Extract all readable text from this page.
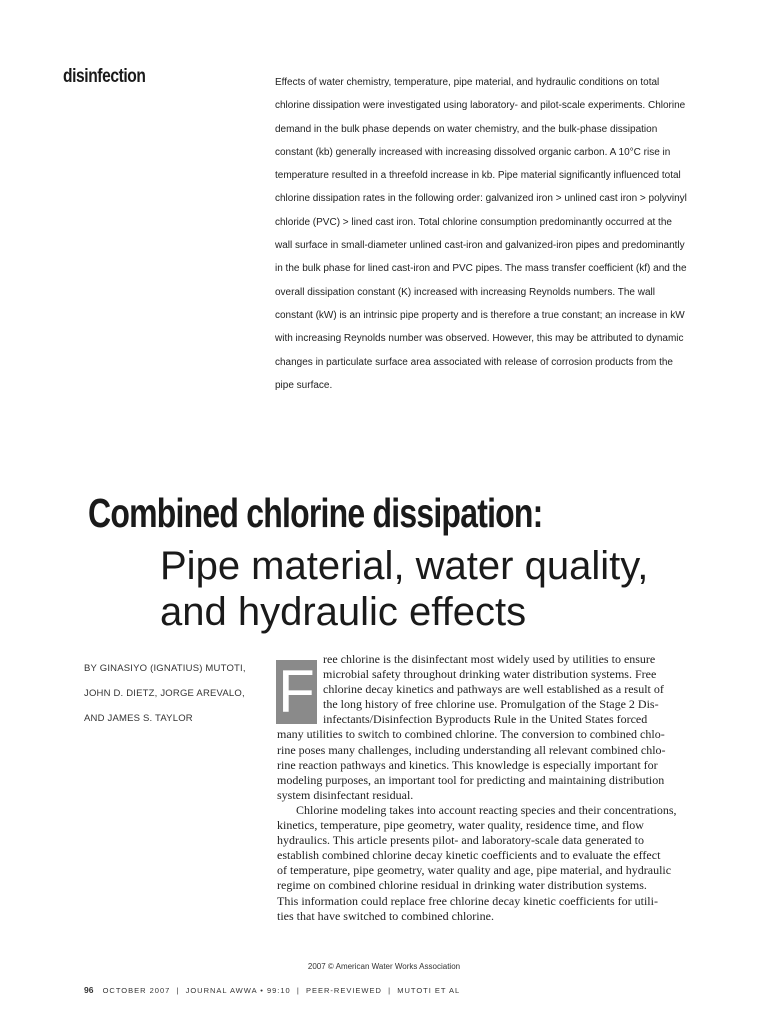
disinfection	Effects of water chemistry, temperature, pipe material, and hydraulic conditions on total
chlorine dissipation were investigated using laboratory- and pilot-scale experiments. Chlorine
demand in the bulk phase depends on water chemistry, and the bulk-phase dissipation
constant (kb) generally increased with increasing dissolved organic carbon. A 10°C rise in
temperature resulted in a threefold increase in kb. Pipe material significantly influenced total
chlorine dissipation rates in the following order: galvanized iron > unlined cast iron > polyvinyl
chloride (PVC) > lined cast iron. Total chlorine consumption predominantly occurred at the
wall surface in small-diameter unlined cast-iron and galvanized-iron pipes and predominantly
in the bulk phase for lined cast-iron and PVC pipes. The mass transfer coefficient (kf) and the
overall dissipation constant (K) increased with increasing Reynolds numbers. The wall
constant (kW) is an intrinsic pipe property and is therefore a true constant; an increase in kW
with increasing Reynolds number was observed. However, this may be attributed to dynamic
changes in particulate surface area associated with release of corrosion products from the
pipe surface.
Combined chlorine dissipation:
Pipe material, water quality,
and hydraulic effects
BY GINASIYO (IGNATIUS) MUTOTI,
JOHN D. DIETZ, JORGE AREVALO,
AND JAMES S. TAYLOR	F ree chlorine is the disinfectant most widely used by utilities to ensure
microbial safety throughout drinking water distribution systems. Free
chlorine decay kinetics and pathways are well established as a result of
the long history of free chlorine use. Promulgation of the Stage 2 Dis-
infectants/Disinfection Byproducts Rule in the United States forced
many utilities to switch to combined chlorine. The conversion to combined chlo-
rine poses many challenges, including understanding all relevant combined chlo-
rine reaction pathways and kinetics. This knowledge is especially important for
modeling purposes, an important tool for predicting and maintaining distribution
system disinfectant residual.
Chlorine modeling takes into account reacting species and their concentrations,
kinetics, temperature, pipe geometry, water quality, residence time, and flow
hydraulics. This article presents pilot- and laboratory-scale data generated to
establish combined chlorine decay kinetic coefficients and to evaluate the effect
of temperature, pipe geometry, water quality and age, pipe material, and hydraulic
regime on combined chlorine residual in drinking water distribution systems.
This information could replace free chlorine decay kinetic coefficients for utili-
ties that have switched to combined chlorine.
2007 © American Water Works Association
96 OCTOBER 2007  |  JOURNAL AWWA • 99:10  |  PEER-REVIEWED  |  MUTOTI ET AL
